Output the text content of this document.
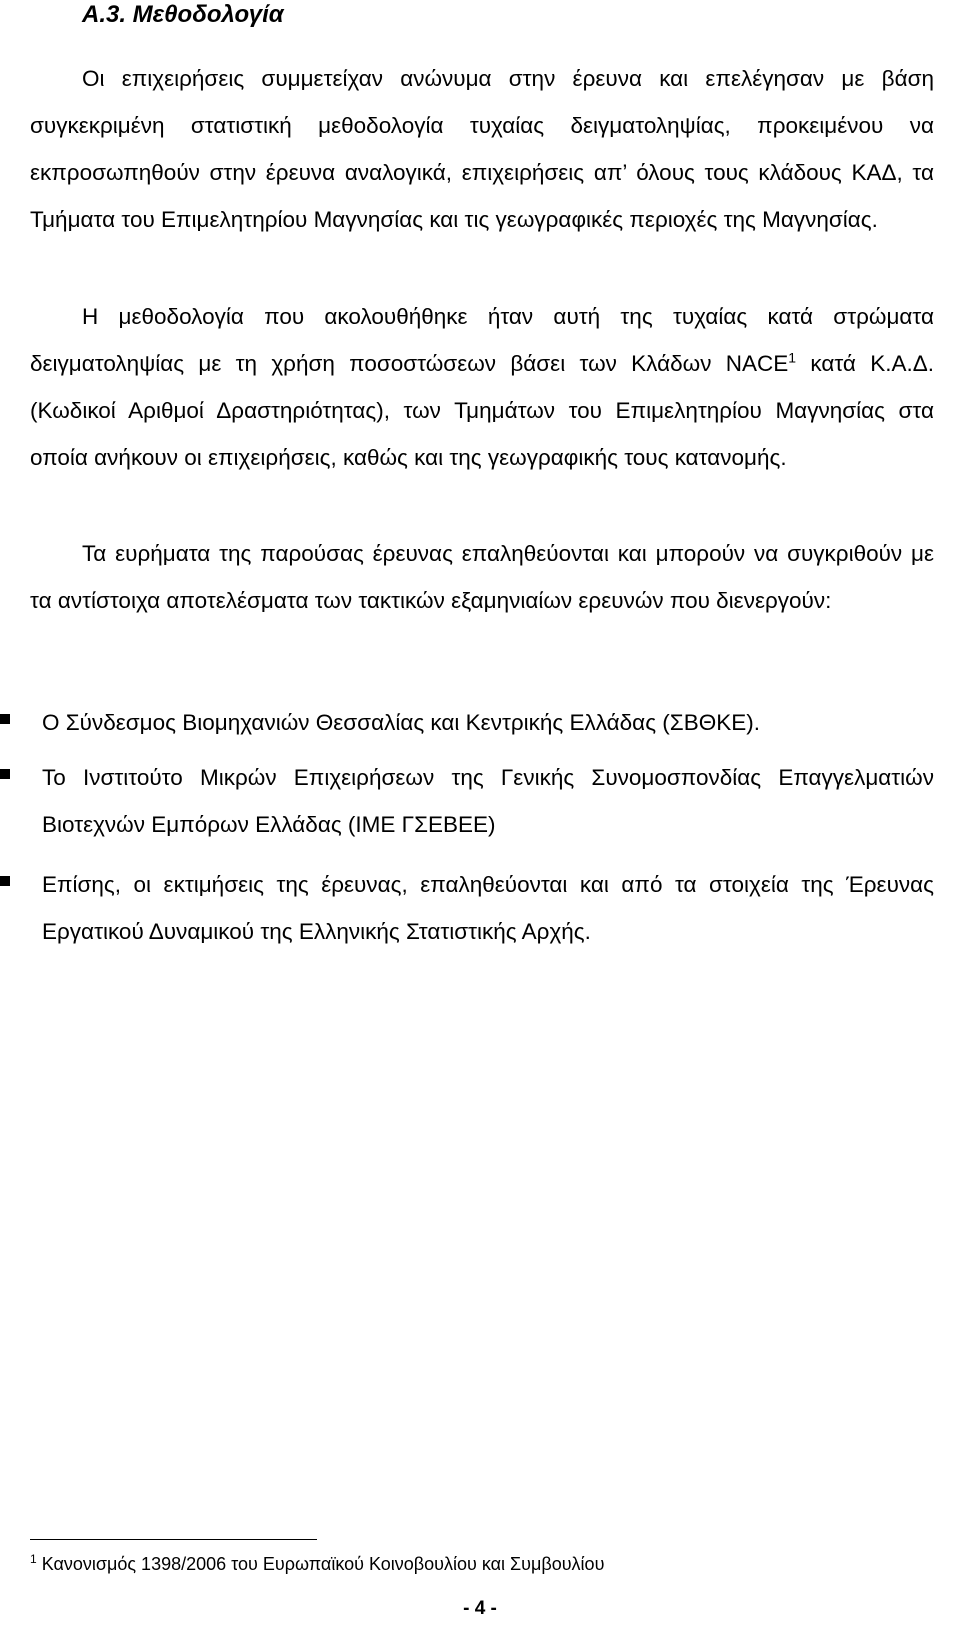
Α.3. Μεθοδολογία

Οι επιχειρήσεις συμμετείχαν ανώνυμα στην έρευνα και επελέγησαν με βάση συγκεκριμένη στατιστική μεθοδολογία τυχαίας δειγματοληψίας, προκειμένου να εκπροσωπηθούν στην έρευνα αναλογικά, επιχειρήσεις απ’ όλους τους κλάδους ΚΑΔ, τα Τμήματα του Επιμελητηρίου Μαγνησίας και τις γεωγραφικές περιοχές της Μαγνησίας.

Η μεθοδολογία που ακολουθήθηκε ήταν αυτή της τυχαίας κατά στρώματα δειγματοληψίας με τη χρήση ποσοστώσεων βάσει των Κλάδων NACE$^1$ κατά Κ.Α.Δ. (Κωδικοί Αριθμοί Δραστηριότητας), των Τμημάτων του Επιμελητηρίου Μαγνησίας στα οποία ανήκουν οι επιχειρήσεις, καθώς και της γεωγραφικής τους κατανομής.

Τα ευρήματα της παρούσας έρευνας επαληθεύονται και μπορούν να συγκριθούν με τα αντίστοιχα αποτελέσματα των τακτικών εξαμηνιαίων ερευνών που διενεργούν:

Ο Σύνδεσμος Βιομηχανιών Θεσσαλίας και Κεντρικής Ελλάδας (ΣΒΘΚΕ).
Το Ινστιτούτο Μικρών Επιχειρήσεων της Γενικής Συνομοσπονδίας Επαγγελματιών Βιοτεχνών Εμπόρων Ελλάδας (ΙΜΕ ΓΣΕΒΕΕ)
Επίσης, οι εκτιμήσεις της έρευνας, επαληθεύονται και από τα στοιχεία της Έρευνας Εργατικού Δυναμικού της Ελληνικής Στατιστικής Αρχής.

$^1$ Κανονισμός 1398/2006 του Ευρωπαϊκού Κοινοβουλίου και Συμβουλίου

- 4 -
